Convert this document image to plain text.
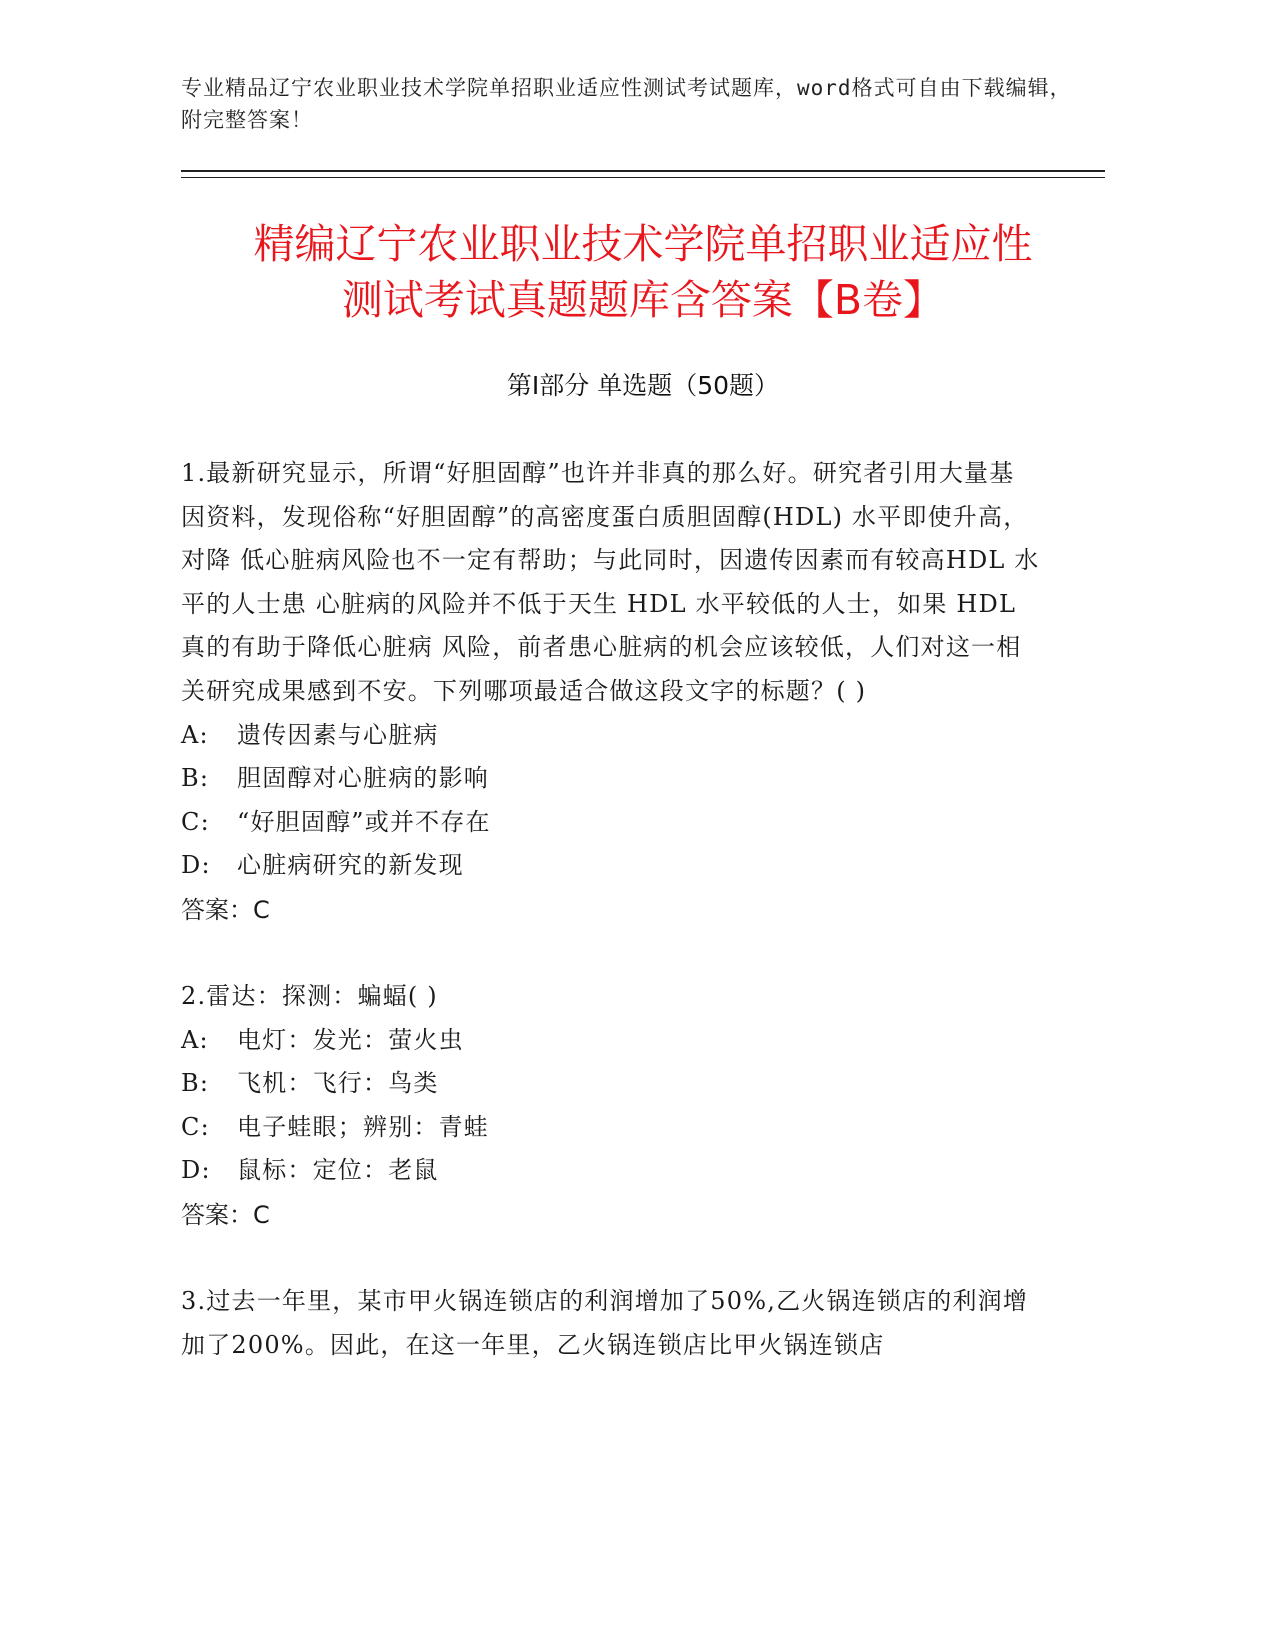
专业精品辽宁农业职业技术学院单招职业适应性测试考试题库，word格式可自由下载编辑，附完整答案！
精编辽宁农业职业技术学院单招职业适应性
测试考试真题题库含答案【B卷】
第Ⅰ部分 单选题（50题）

1.最新研究显示，所谓“好胆固醇”也许并非真的那么好。研究者引用大量基 因资料，发现俗称“好胆固醇”的高密度蛋白质胆固醇(HDL) 水平即使升高，对降 低心脏病风险也不一定有帮助；与此同时，因遗传因素而有较高HDL 水平的人士患 心脏病的风险并不低于天生 HDL 水平较低的人士，如果 HDL 真的有助于降低心脏病 风险，前者患心脏病的机会应该较低，人们对这一相关研究成果感到不安。下列哪项最适合做这段文字的标题？( )

A:	遗传因素与心脏病
B:	胆固醇对心脏病的影响
C:	“好胆固醇”或并不存在
D:	心脏病研究的新发现

答案：C

2.雷达：探测：蝙蝠( )

A:	电灯：发光：萤火虫
B:	飞机：飞行：鸟类
C:	电子蛙眼；辨别：青蛙
D:	鼠标：定位：老鼠

答案：C

3.过去一年里，某市甲火锅连锁店的利润增加了50%,乙火锅连锁店的利润增 加了200%。因此，在这一年里，乙火锅连锁店比甲火锅连锁店
